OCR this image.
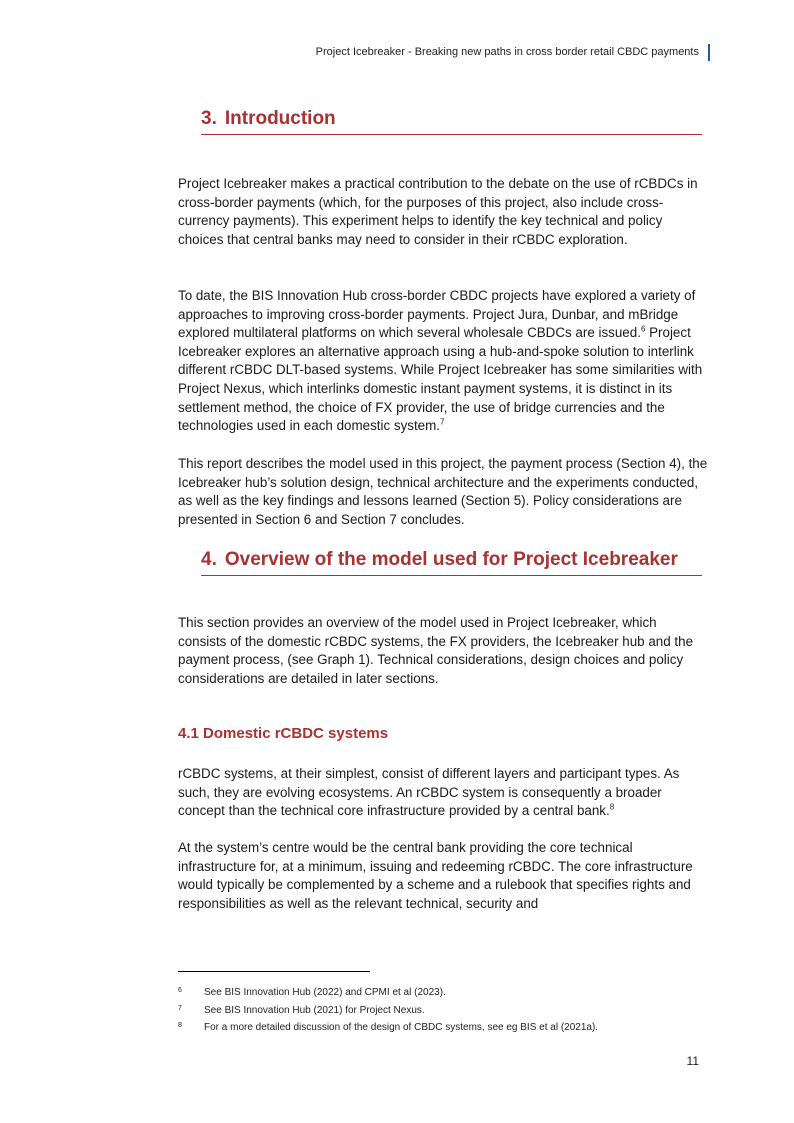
Project Icebreaker - Breaking new paths in cross border retail CBDC payments
3. Introduction

Project Icebreaker makes a practical contribution to the debate on the use of rCBDCs in cross-border payments (which, for the purposes of this project, also include cross-currency payments). This experiment helps to identify the key technical and policy choices that central banks may need to consider in their rCBDC exploration.

To date, the BIS Innovation Hub cross-border CBDC projects have explored a variety of approaches to improving cross-border payments. Project Jura, Dunbar, and mBridge explored multilateral platforms on which several wholesale CBDCs are issued.$^6$ Project Icebreaker explores an alternative approach using a hub-and-spoke solution to interlink different rCBDC DLT-based systems. While Project Icebreaker has some similarities with Project Nexus, which interlinks domestic instant payment systems, it is distinct in its settlement method, the choice of FX provider, the use of bridge currencies and the technologies used in each domestic system.$^7$

This report describes the model used in this project, the payment process (Section 4), the Icebreaker hub’s solution design, technical architecture and the experiments conducted, as well as the key findings and lessons learned (Section 5). Policy considerations are presented in Section 6 and Section 7 concludes.

4. Overview of the model used for Project Icebreaker

This section provides an overview of the model used in Project Icebreaker, which consists of the domestic rCBDC systems, the FX providers, the Icebreaker hub and the payment process, (see Graph 1). Technical considerations, design choices and policy considerations are detailed in later sections.

4.1 Domestic rCBDC systems

rCBDC systems, at their simplest, consist of different layers and participant types. As such, they are evolving ecosystems. An rCBDC system is consequently a broader concept than the technical core infrastructure provided by a central bank.$^8$

At the system’s centre would be the central bank providing the core technical infrastructure for, at a minimum, issuing and redeeming rCBDC. The core infrastructure would typically be complemented by a scheme and a rulebook that specifies rights and responsibilities as well as the relevant technical, security and

6 See BIS Innovation Hub (2022) and CPMI et al (2023).
7 See BIS Innovation Hub (2021) for Project Nexus.
8 For a more detailed discussion of the design of CBDC systems, see eg BIS et al (2021a).
11
